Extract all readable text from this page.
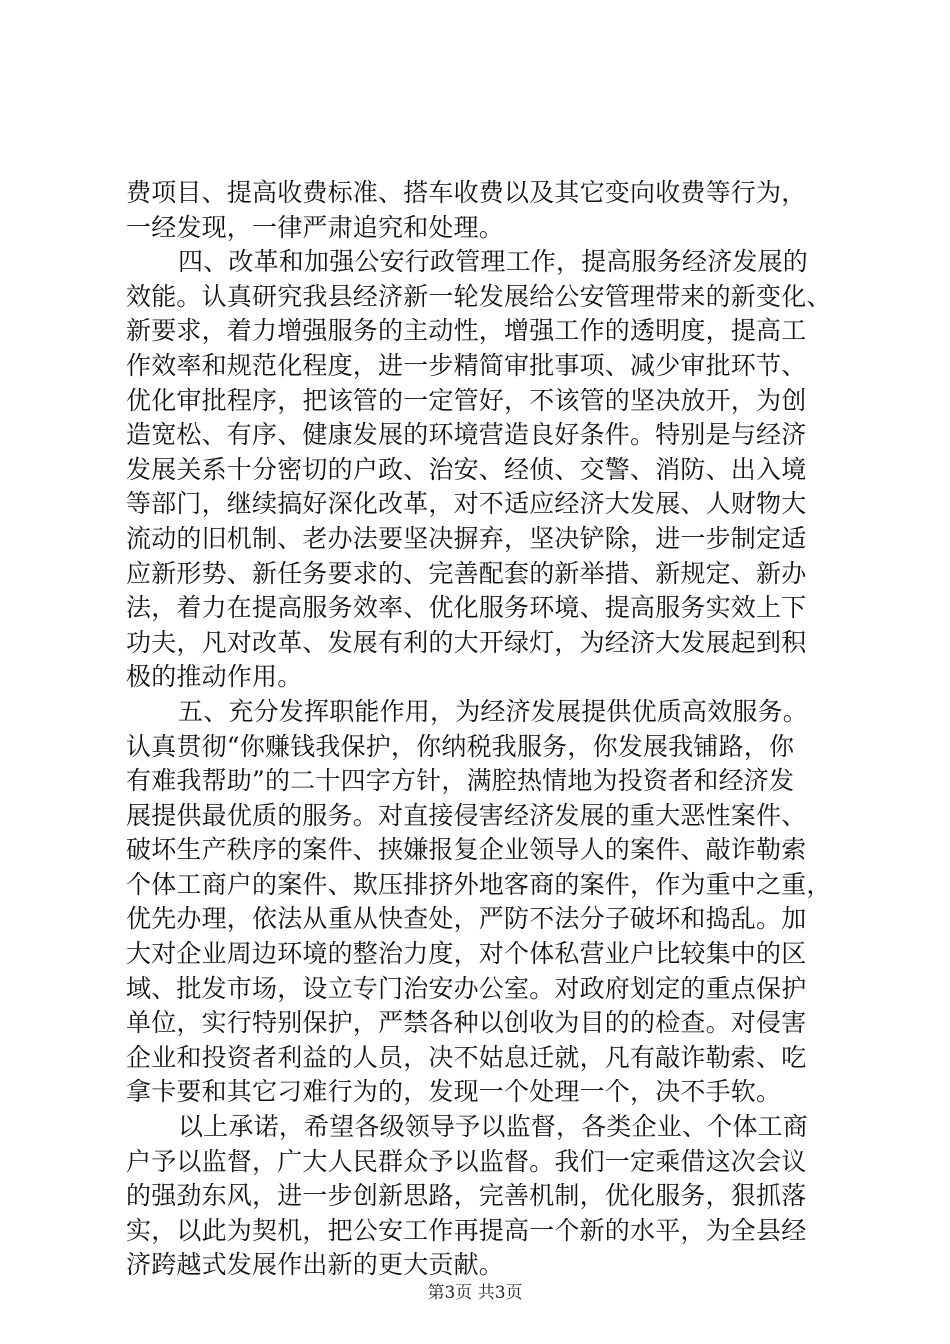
费项目、提高收费标准、搭车收费以及其它变向收费等行为，
一经发现，一律严肃追究和处理。
四、改革和加强公安行政管理工作，提高服务经济发展的
效能。认真研究我县经济新一轮发展给公安管理带来的新变化、
新要求，着力增强服务的主动性，增强工作的透明度，提高工
作效率和规范化程度，进一步精简审批事项、减少审批环节、
优化审批程序，把该管的一定管好，不该管的坚决放开，为创
造宽松、有序、健康发展的环境营造良好条件。特别是与经济
发展关系十分密切的户政、治安、经侦、交警、消防、出入境
等部门，继续搞好深化改革，对不适应经济大发展、人财物大
流动的旧机制、老办法要坚决摒弃，坚决铲除，进一步制定适
应新形势、新任务要求的、完善配套的新举措、新规定、新办
法，着力在提高服务效率、优化服务环境、提高服务实效上下
功夫，凡对改革、发展有利的大开绿灯，为经济大发展起到积
极的推动作用。
五、充分发挥职能作用，为经济发展提供优质高效服务。
认真贯彻“你赚钱我保护，你纳税我服务，你发展我铺路，你
有难我帮助”的二十四字方针，满腔热情地为投资者和经济发
展提供最优质的服务。对直接侵害经济发展的重大恶性案件、
破坏生产秩序的案件、挟嫌报复企业领导人的案件、敲诈勒索
个体工商户的案件、欺压排挤外地客商的案件，作为重中之重，
优先办理，依法从重从快查处，严防不法分子破坏和捣乱。加
大对企业周边环境的整治力度，对个体私营业户比较集中的区
域、批发市场，设立专门治安办公室。对政府划定的重点保护
单位，实行特别保护，严禁各种以创收为目的的检查。对侵害
企业和投资者利益的人员，决不姑息迁就，凡有敲诈勒索、吃
拿卡要和其它刁难行为的，发现一个处理一个，决不手软。
以上承诺，希望各级领导予以监督，各类企业、个体工商
户予以监督，广大人民群众予以监督。我们一定乘借这次会议
的强劲东风，进一步创新思路，完善机制，优化服务，狠抓落
实，以此为契机，把公安工作再提高一个新的水平，为全县经
济跨越式发展作出新的更大贡献。
第3页 共3页
